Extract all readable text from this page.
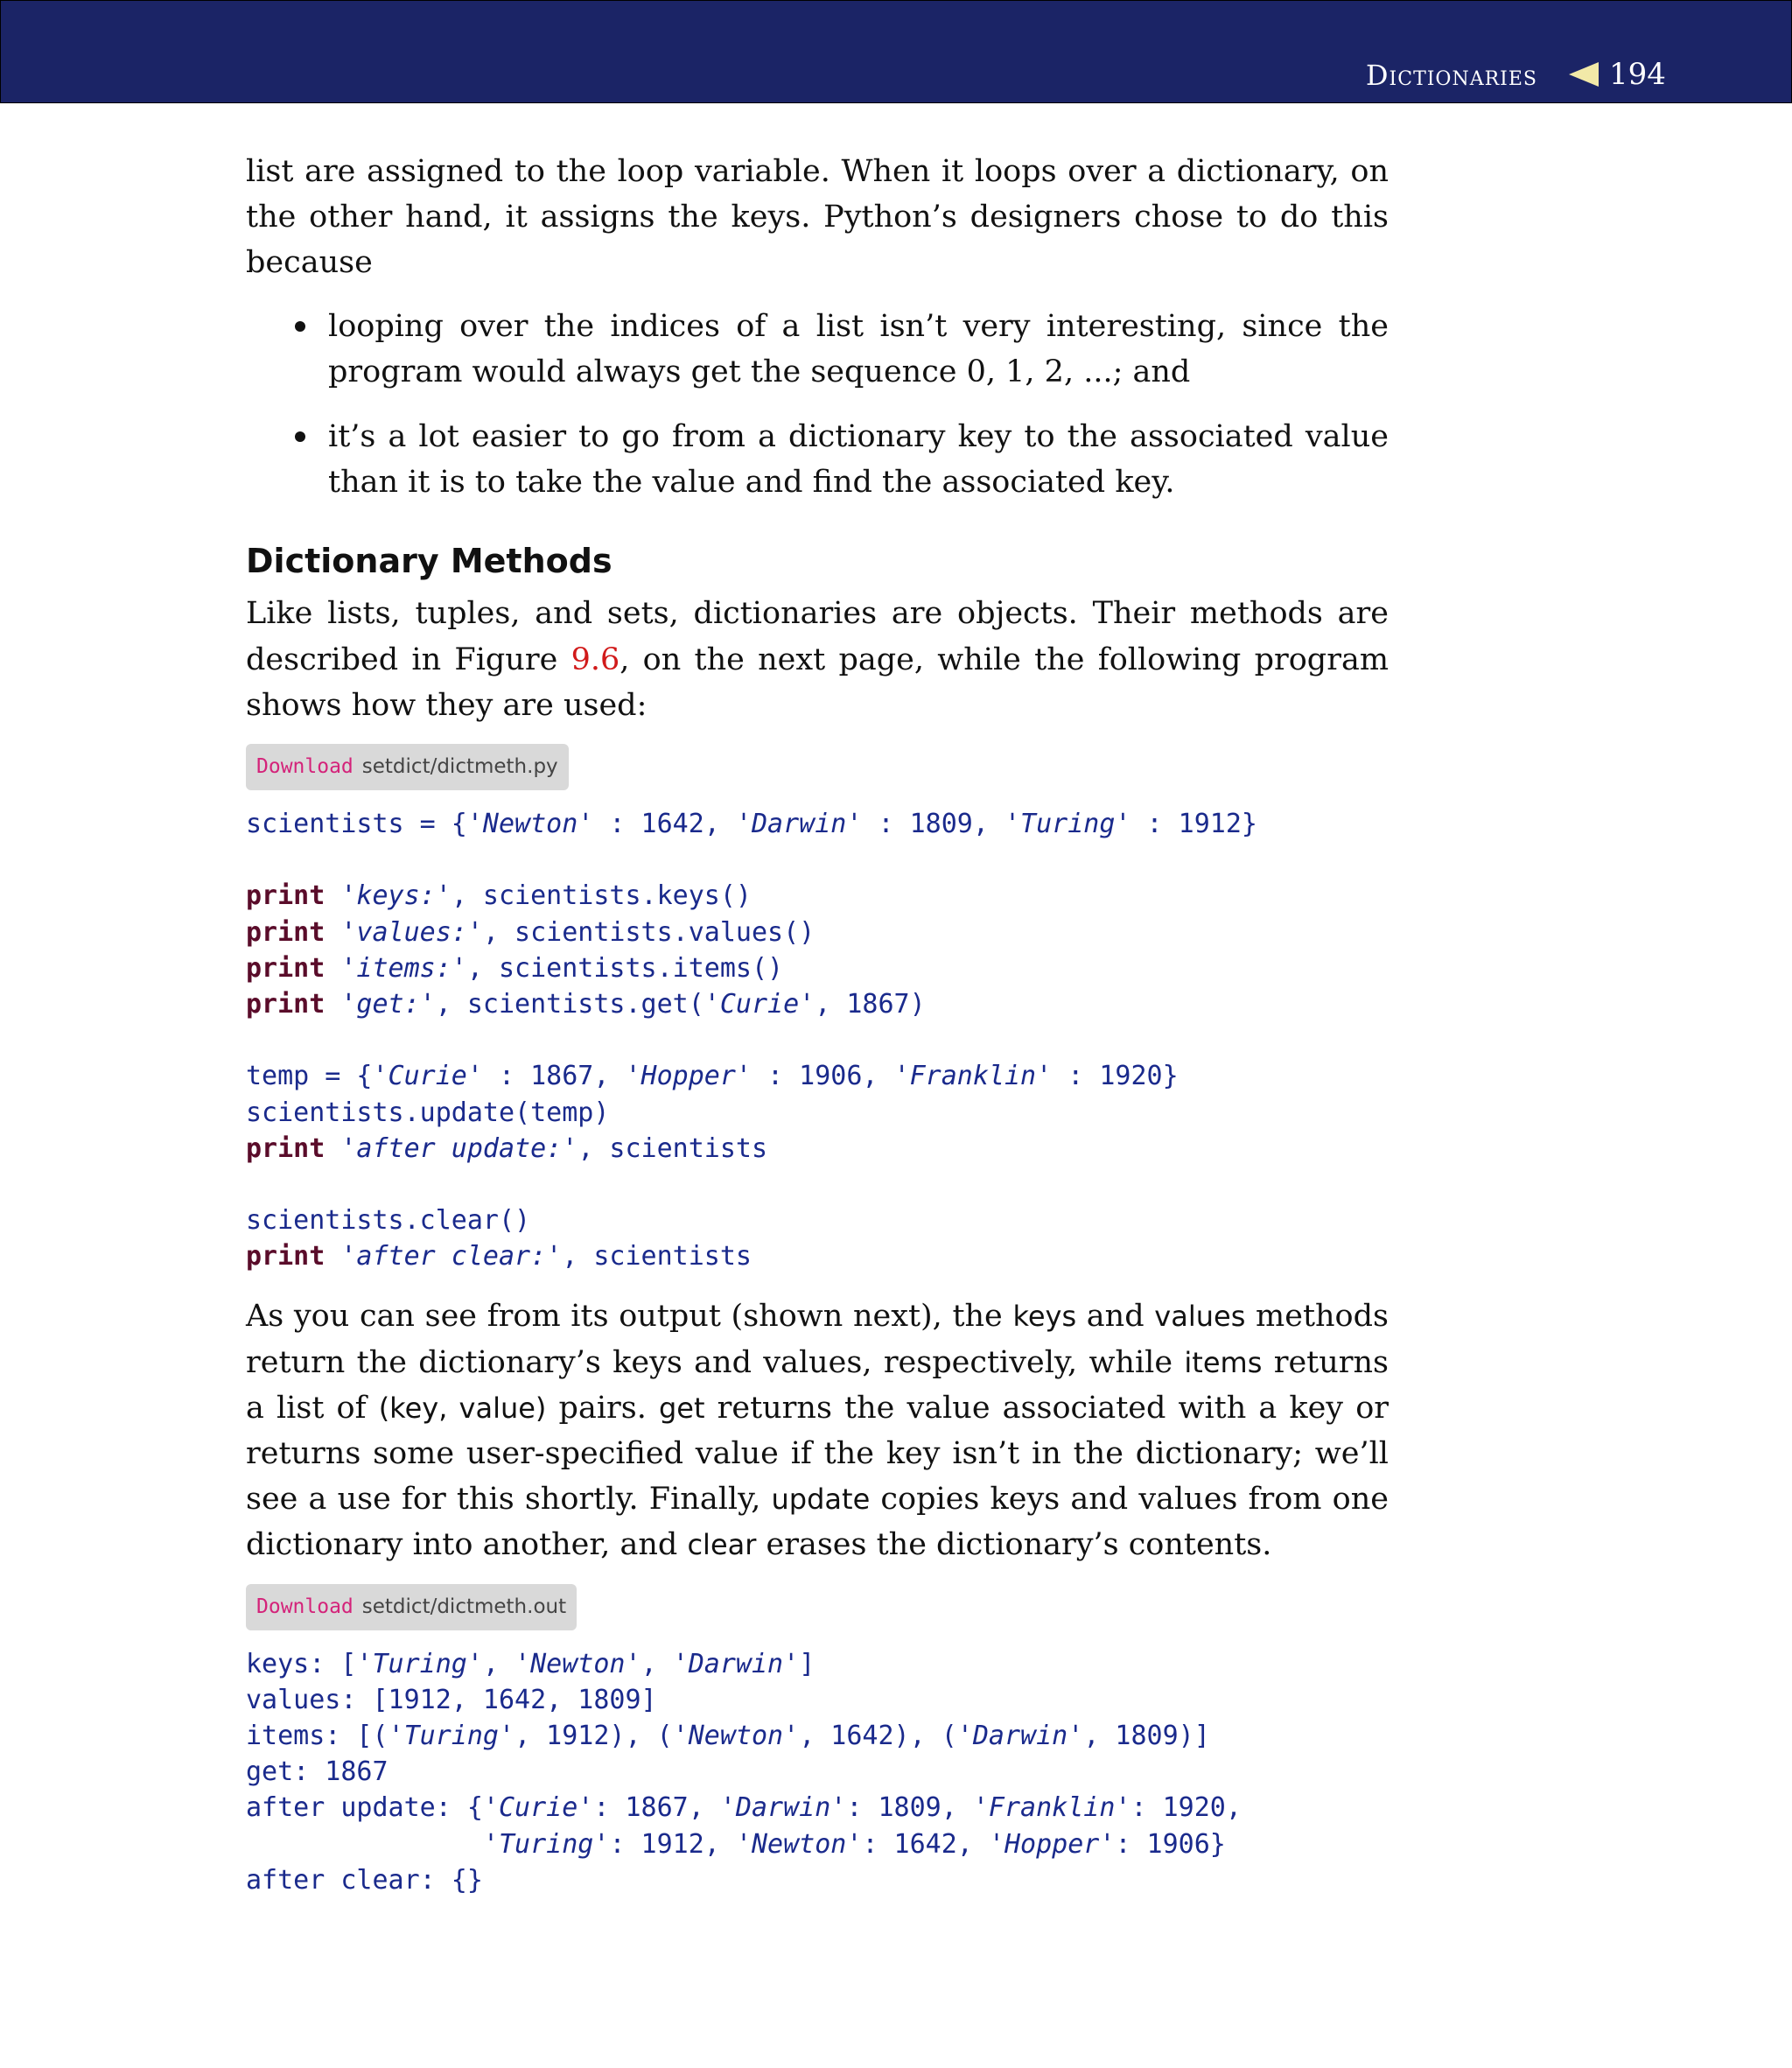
Dictionaries 194

list are assigned to the loop variable. When it loops over a dictionary, on the other hand, it assigns the keys. Python’s designers chose to do this because

looping over the indices of a list isn’t very interesting, since the program would always get the sequence 0, 1, 2, ...; and

it’s a lot easier to go from a dictionary key to the associated value than it is to take the value and find the associated key.

Dictionary Methods

Like lists, tuples, and sets, dictionaries are objects. Their methods are described in Figure 9.6, on the next page, while the following program shows how they are used:

Download setdict/dictmeth.py
scientists = {'Newton' : 1642, 'Darwin' : 1809, 'Turing' : 1912}
print 'keys:', scientists.keys()
print 'values:', scientists.values()
print 'items:', scientists.items()
print 'get:', scientists.get('Curie', 1867)
temp = {'Curie' : 1867, 'Hopper' : 1906, 'Franklin' : 1920}
scientists.update(temp)
print 'after update:', scientists
scientists.clear()
print 'after clear:', scientists

As you can see from its output (shown next), the keys and values methods return the dictionary’s keys and values, respectively, while items returns a list of (key, value) pairs. get returns the value associated with a key or returns some user-specified value if the key isn’t in the dictionary; we’ll see a use for this shortly. Finally, update copies keys and values from one dictionary into another, and clear erases the dictionary’s contents.

Download setdict/dictmeth.out
keys: ['Turing', 'Newton', 'Darwin']
values: [1912, 1642, 1809]
items: [('Turing', 1912), ('Newton', 1642), ('Darwin', 1809)]
get: 1867
after update: {'Curie': 1867, 'Darwin': 1809, 'Franklin': 1920,
'Turing': 1912, 'Newton': 1642, 'Hopper': 1906}
after clear: {}
